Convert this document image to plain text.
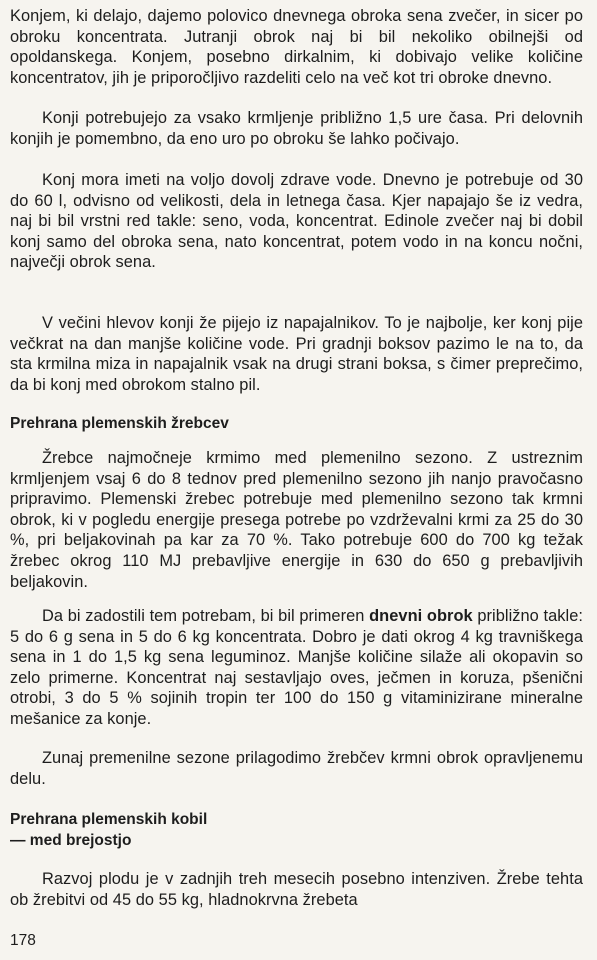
Konjem, ki delajo, dajemo polovico dnevnega obroka sena zvečer, in sicer po obroku koncentrata. Jutranji obrok naj bi bil nekoliko obilnejši od opoldanskega. Konjem, posebno dirkalnim, ki dobivajo velike količine koncentratov, jih je priporočljivo razdeliti celo na več kot tri obroke dnevno.

Konji potrebujejo za vsako krmljenje približno 1,5 ure časa. Pri delovnih konjih je pomembno, da eno uro po obroku še lahko počivajo.

Konj mora imeti na voljo dovolj zdrave vode. Dnevno je potrebuje od 30 do 60 l, odvisno od velikosti, dela in letnega časa. Kjer napajajo še iz vedra, naj bi bil vrstni red takle: seno, voda, koncentrat. Edinole zvečer naj bi dobil konj samo del obroka sena, nato koncentrat, potem vodo in na koncu nočni, največji obrok sena.

V večini hlevov konji že pijejo iz napajalnikov. To je najbolje, ker konj pije večkrat na dan manjše količine vode. Pri gradnji boksov pazimo le na to, da sta krmilna miza in napajalnik vsak na drugi strani boksa, s čimer preprečimo, da bi konj med obrokom stalno pil.

Prehrana plemenskih žrebcev

Žrebce najmočneje krmimo med plemenilno sezono. Z ustreznim krmljenjem vsaj 6 do 8 tednov pred plemenilno sezono jih nanjo pravočasno pripravimo. Plemenski žrebec potrebuje med plemenilno sezono tak krmni obrok, ki v pogledu energije presega potrebe po vzdrževalni krmi za 25 do 30 %, pri beljakovinah pa kar za 70 %. Tako potrebuje 600 do 700 kg težak žrebec okrog 110 MJ prebavljive energije in 630 do 650 g prebavljivih beljakovin.

Da bi zadostili tem potrebam, bi bil primeren dnevni obrok približno takle: 5 do 6 g sena in 5 do 6 kg koncentrata. Dobro je dati okrog 4 kg travniškega sena in 1 do 1,5 kg sena leguminoz. Manjše količine silaže ali okopavin so zelo primerne. Koncentrat naj sestavljajo oves, ječmen in koruza, pšenični otrobi, 3 do 5 % sojinih tropin ter 100 do 150 g vitaminizirane mineralne mešanice za konje.

Zunaj premenilne sezone prilagodimo žrebčev krmni obrok opravljenemu delu.

Prehrana plemenskih kobil
— med brejostjo

Razvoj plodu je v zadnjih treh mesecih posebno intenziven. Žrebe tehta ob žrebitvi od 45 do 55 kg, hladnokrvna žrebeta

178
